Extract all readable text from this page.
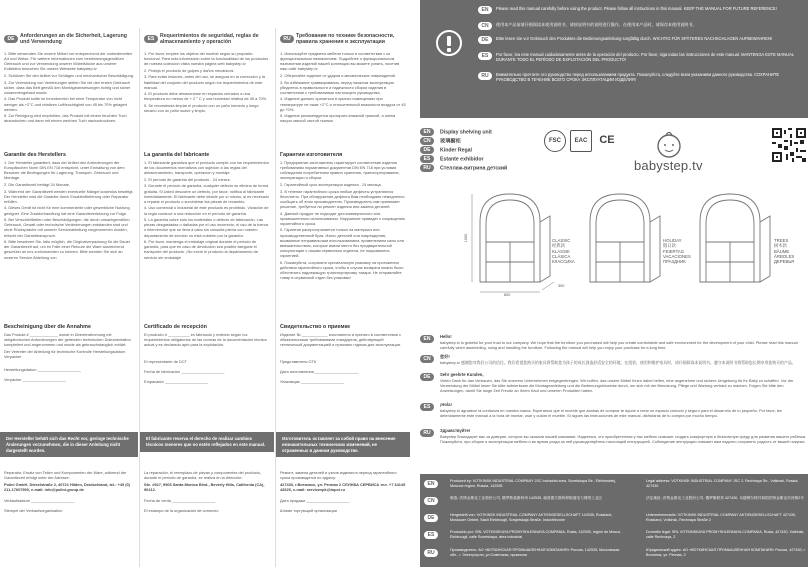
DEAnforderungen an die Sicherheit, Lagerung und Verwendung

1. Bitte verwenden Sie unsere Möbel nur entsprechend der vorbestimmten Art und Weise. Für weitere Informationen zum bestimmungsgemäßen Gebrauch und zur Verwendung unserer Möbelstücke aus unserer Kollektion besuchen Sie unsere Webseite babystep.tv

2. Schützen Sie den Artikel vor Schlägen und mechanischer Beschädigung.

3. Zur Vermeidung von Verletzungen stellen Sie nie den ersten Gebrauch sicher, dass das Bett gemäß den Montageanweisungen richtig und sicher zusammengebaut wurde.

4. Das Produkt sollte im Innenbereich bei einer Temperatur von nicht weniger als +2°C und relativen Luftfeuchtigkeit von 45 bis 70% gelagert werden.

5. Zur Reinigung wird empfohlen, das Produkt mit einem feuchten Tuch abzuwischen und dann mit einem weichen Tuch nachzutrocknen.

Garantie des Herstellers

1. Der Hersteller garantiert, dass der Artikel den Anforderungen der Europäischen Norm DIN EN 716 entspricht, unter Einhaltung von dem Benutzer die Bedingungen für Lagerung, Transport, Gebrauch und Montage.

2. Die Garantiezeit beträgt 24 Monate.

3. Während der Garantiezeit werden eventuelle Mängel kostenlos beseitigt. Der Hersteller wird die Garantie durch Ersatzteillieferung oder Reparatur erfüllen.

4. Dieses Gerät ist nicht für eine kommerzielle oder gewerbliche Nutzung geeignet. Eine Zuwiderhandlung hat eine Garantieverletzung zur Folge.

5. Bei Verschleißteilen oder Beschädigungen, die durch unsachgemäßen Gebrauch, Gewalt oder technische Veränderungen entstanden sind und ohne Rücksprache mit unserer Serviceabteilung vorgenommen wurden, erlischt der Garantieanspruch.

6. Bitte bewahren Sie, falls möglich, die Originalverpackung für die Dauer der Garantiezeit auf, um im Falle einer Retoure die Ware ausreichend geschützt an uns zurücksenden zu können. Bitte wenden Sie sich an unseren Service Abteilung von

Bescheinigung über die Annahme

Das Produkt # _____________ wurde in Übereinstimmung mit obligatorischen Anforderungen der geltenden technischen Dokumentation kompletiert und angenommen und wurde als gebrauchstauglich erklärt.

Der Vertreter der Abteilung für technische Kontrolle Herstellungsdatum Verpacker

Herstellungsdatum ____________________

Verpacker ____________________

Der Hersteller behält sich das Recht vor, geringe technische Änderungen vorzunehmen, die in dieser Anleitung nicht dargestellt wurden.

Reparatur, Ersatz von Teilen und Komponenten der Ware, während der Garantiezeit erfolgt unter der Adresse:

Polini GmbH, Dieselstraße 2, 40721 Hilden, Deutschland, tel.: +49 (0) 211-17607990, e-mail: info@polini-group.de

Verkaufsdatum ____________________

Stempel der Verkaufsorganisation

ESRequerimientos de seguridad, reglas de almacenamiento y operación

1. Por favor, emplee los objetos del mueble según su propósito funcional. Para más información sobre la funcionalidad de los productos de nuestra colección visita nuestra página web babystep.tv

2. Proteja el producto de golpes y daños mecánicos.

3. Para evitar lesiones, antes del uso, se asegura en la corrección y la fiabilidad del conjunto del producto según los requerimientos de este manual.

4. El producto debe almacenarse en espacios cerrados a una temperatura no menos de + 2 ° C y una humedad relativa de 45 a 70%.

5. Se recomienda limpiar el producto con un paño húmedo y luego secarlo con un paño suave y limpio.

La garantía del fabricante

1. El fabricante garantiza que el producto cumple con los requerimientos de los documentos normativos con sujeción a las reglas del almacenamiento, transporte, operación y montaje.

2. El período de garantía del producto - 24 meses.

3. Durante el período de garantía, cualquier defecto se elimina de forma gratuita. Si Usted descubre un defecto, por favor, notifica al fabricante inmediatamente. El fabricante debe decidir por sí mismo, si es necesario a reparar el producto o suministrar las piezas de recambio.

4. Uso comercial o industrial de este producto es prohibido. Violación de la regla conduce a una reducción en el período de garantía.

5. La garantía cubre solo los materiales o defecto de fabricación. Las piezas desgastadas o dañadas por el uso incorrecto, el uso de la fuerza o intervención que se lleva a cabo sin consulta previa con nuestro departamento de servicio no está cubierto por la garantía.

6. Por favor, mantenga el embalaje original durante el período de garantía, para que en caso de devolución sea posible asegurar el transporte del producto. ¡No envíe el producto al departamento de servicio sin embalaje!

Certificado de recepción

El producto # __________ es fabricado y recibido según los requerimientos obligatorios de las normas de la documentación técnica actual y es declarado apto para la explotación.

El representante de DCT

Fecha de fabricación ____________________

Empacador ____________________

El fabricante reserva el derecho de realizar cambios técnicos menores que no estén reflejados en este manual.

La reparación, el reemplazo de piezas y componentes del producto, durante el período de garantía, se realiza en la dirección:

Ste. #927, 9903 Santa Monica Blvd., Beverly Hills, California (CA), 90212.

Fecha de venta ____________________

El estampo de la organización de comercio

RUТребования по технике безопасности, правила хранения и эксплуатации

1. Используйте предметы мебели только в соответствии с их функциональным назначением. Подробнее о функциональном назначении изделий нашей коллекции вы можете узнать, посетив наш сайт babystep.tv

2. Оберегайте изделие от ударов и механических повреждений.

3. Во избежание травмирования, перед началом эксплуатации убедитесь в правильности и надежности сборки изделия в соответствии с требованиями настоящего руководства.

4. Изделие должно храниться в крытых помещениях при температуре не ниже +2°С и относительной влажности воздуха от 45 до 70%.

5. Изделие рекомендуется протирать влажной тряпкой, а затем насухо мягкой чистой тканью.

Гарантии изготовителя

1. Предприятие-изготовитель гарантирует соответствие изделия требованиям нормативных документов DIN EN 716 при условии соблюдения потребителем правил хранения, транспортирования, эксплуатации и сборки.

2. Гарантийный срок эксплуатации изделия - 24 месяца.

3. В течение гарантийного срока любые дефекты устраняются бесплатно. При обнаружении дефекта Вам необходимо немедленно сообщить об этом производителю. Производитель сам принимает решение, требуется ли ремонт изделия или замена деталей.

4. Данный продукт не подходит для коммерческого или промышленного использования. Нарушение приведет к сокращению гарантийного срока.

5. Гарантия распространяется только на материал или производственный брак. Износ деталей или повреждения, вызванные неправильным использованием, применением силы или вмешательством, которые имели место без предварительной консультации с нашим сервисным отделом, не покрываются гарантией.

6. Пожалуйста, сохраните оригинальную упаковку на протяжении действия гарантийного срока, чтобы в случае возврата можно было обеспечить надлежащую транспортировку товара. Не отправляйте товар в сервисный отдел без упаковки!

Свидетельство о приемке

Изделие № ____________ изготовлено и принято в соответствии с обязательными требованиями стандартов, действующей технической документацией и признано годным для эксплуатации.

Представитель ОТК

Дата изготовления ____________________

Упаковщик ____________________

Изготовитель оставляет за собой право на внесение незначительных технических изменений, не отраженных в данном руководстве.

Ремонт, замена деталей и узлов изделия в период гарантийного срока производится по адресу:

427430, г.Воткинск, ул. Речная 2 СЛУЖБА СЕРВИСА тел. +7 34145 43625, e-mail: servicevpk@topol.ru

Дата продажи ____________________

Штамп торгующей организации

EN	Please read this manual carefully before using the product. Please follow all instructions in this manual. KEEP THE MANUAL FOR FUTURE REFERENCE!
CN	使用本产品前请仔细阅读本使用说明书，请按说明书的说明进行操作。在使用本产品时，请保存本使用说明书。
DE	Bitte lesen Sie vor Gebrauch des Produktes die Bedienungsanleitung sorgfältig durch. WICHTIG FÜR SPÄTERES NACHSCHLAGEN AUFBEWAHREN!
ES	Por favor, lea este manual cuidadosamente antes de la operación del producto. Por favor, siga todas las instrucciones de este manual. MANTENGA ESTE MANUAL DURANTE TODO EL PERÍODO DE EXPLOTACIÓN DEL PRODUCTO!
RU	Внимательно прочтите это руководство перед использованием продукта. Пожалуйста, следуйте всем указаниям данного руководства. СОХРАНИТЕ РУКОВОДСТВО В ТЕЧЕНИЕ ВСЕГО СРОКА ЭКСПЛУАТАЦИИ ИЗДЕЛИЯ!
EN Display shelving unit
CN 玻璃橱柜
DE Kinder Regal
ES Estante exhibidor
RU Стеллаж-витрина детский
FSC	EAC	CE
babystep.tv
1000
800
300
CLASSIC
经典款
KLASSIK
CLÁSICA
КЛАССИКА
HOLIDAY
假日款
FEIERTAG
VACACIONES
ПРАЗДНИК
TREES
树木款
BÄUME
ÁRBOLES
ДЕРЕВЬЯ
EN	Hello!
babystep.tv is grateful for your trust to our company. We hope that the furniture you purchased will help you create comfortable and safe environment for the development of your child. Please read this manual carefully when assembling, using and handling the furniture. Following the manual will help you enjoy your purchase for a long time.
CN	您好!
babystep.tv 感谢您对我们公司的信任。我们希望您购买的家具将帮助您为孩子的成长创造舒适安全的环境。在组装、使用和维护家具时，请仔细阅读本说明书。遵守本说明书将帮助您长期享用您购买的产品。
DE	Sehr geehrte Kunden,
Vielen Dank für das Vertrauen, das Sie unserem Unternehmen entgegenbringen. Wir hoffen, das unsere Möbel Ihnen dabei helfen, eine angenehme und sichere Umgebung für Ihr Baby zu schaffen. Vor der Verwendung der Möbel lesen Sie bitte aufmerksam die Montageanleitung und die Bedienungshinweise durch, um sich mit der Benutzung, Pflege und Wartung vertraut zu machen. Folgen Sie bitte den Anweisungen, damit Sie lange Zeit Freude an Ihrem Kauf und unseren Produkten haben.
ES	¡Hola!
babystep.tv agradece la confianza en nuestra marca. Esperamos que el mueble que acabas de comprar te ayude a crear un espacio cómodo y seguro para el desarrollo de tu pequeño. Por favor, lee detenidamente este manual a la hora de montar, usar y cuidar el mueble. Si sigues las instrucciones de este manual, disfrutarás de tu compra por mucho tiempo.
RU	Здравствуйте!
Babystep благодарит вас за доверие, которое вы оказали нашей компании. Надеемся, что приобретенная у нас мебель поможет создать комфортную и безопасную среду для развития вашего ребенка. Пожалуйста, при сборке и эксплуатации мебели и во время ухода за ней руководствуйтесь настоящей инструкцией. Соблюдение инструкции поможет вам надолго сохранить радость от вашей покупки.
EN	Produced by: VOTKINSK INDUSTRIAL COMPANY JSC Industrial area, Sovetskaya Str., Elektrosetej, Moscow region, Russia, 142535
Legal address: VOTKINSK INDUSTRIAL COMPANY JSC 2, Rechnaya Str., Votkinsk, Russia, 427430
CN	制造: 沃特金斯克工业股份公司, 俄罗斯莫斯科州 142535, 谢普霍夫斯科耶街道电力网络工业区	法定地址: 沃特金斯克工业股份公司, 俄罗斯联邦 427430, 乌德穆尔特共和国沃特金斯克市河街2号
DE	Hergestellt von: VOTKINSK INDUSTRIAL COMPANY AKTIENGESELLSCHAFT 142535, Russland, Moskauer Gebiet, Stadt Elektrougli, Sowjetskaja Straße, Industriezone
Unternehmenssitz: VOTKINSK INDUSTRIAL COMPANY AKTIENGESELLSCHAFT 427430, Russland, Votkinsk, Rechnaya Straße 2
ES	Producido por: SRL VOTKINSKAYA PROMYSHLENNAYA COMPANIA, Rusia, 142535, región de Moscú, Elektrougli, calle Sovetskaya, área industrial
Domicilio legal: SRL VOTKINSKAYA PROMYSHLENNAYA COMPANIA, Rusia, 427430, Votkinsk, calle Rechnaya, 2
RU	Производитель: АО «ВОТКИНСКАЯ ПРОМЫШЛЕННАЯ КОМПАНИЯ» Россия, 142535, Московская обл., г. Электроугли, ул.Советская, промзона
Юридический адрес: АО «ВОТКИНСКАЯ ПРОМЫШЛЕННАЯ КОМПАНИЯ» Россия, 427430, г. Воткинск, ул. Речная, 2
